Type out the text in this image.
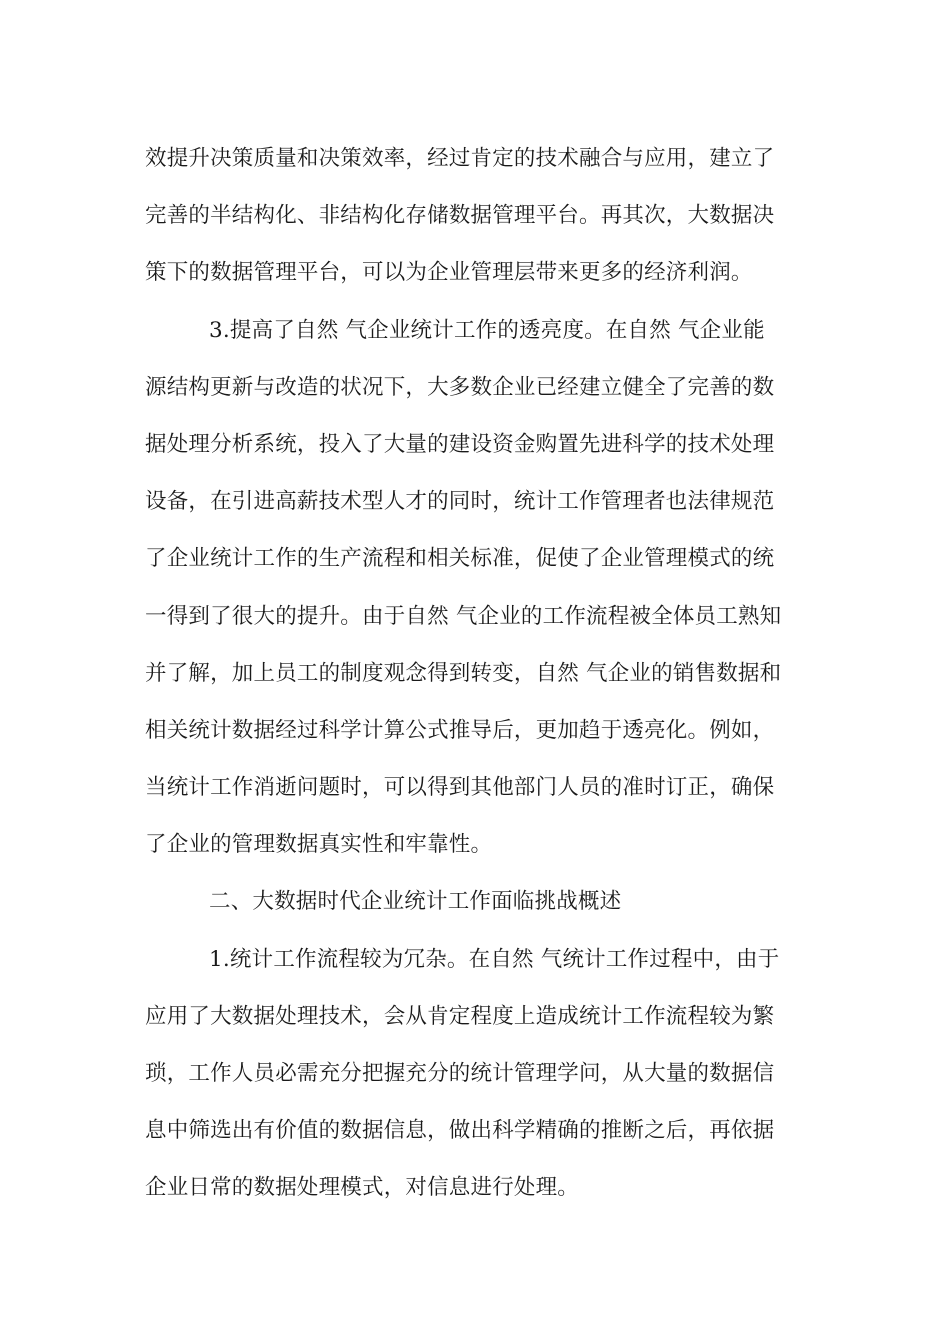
效提升决策质量和决策效率，经过肯定的技术融合与应用，建立了
完善的半结构化、非结构化存储数据管理平台。再其次，大数据决
策下的数据管理平台，可以为企业管理层带来更多的经济利润。
3.提高了自然 气企业统计工作的透亮度。在自然 气企业能
源结构更新与改造的状况下，大多数企业已经建立健全了完善的数
据处理分析系统，投入了大量的建设资金购置先进科学的技术处理
设备，在引进高薪技术型人才的同时，统计工作管理者也法律规范
了企业统计工作的生产流程和相关标准，促使了企业管理模式的统
一得到了很大的提升。由于自然 气企业的工作流程被全体员工熟知
并了解，加上员工的制度观念得到转变，自然 气企业的销售数据和
相关统计数据经过科学计算公式推导后，更加趋于透亮化。例如，
当统计工作消逝问题时，可以得到其他部门人员的准时订正，确保
了企业的管理数据真实性和牢靠性。
二、大数据时代企业统计工作面临挑战概述
1.统计工作流程较为冗杂。在自然 气统计工作过程中，由于
应用了大数据处理技术，会从肯定程度上造成统计工作流程较为繁
琐，工作人员必需充分把握充分的统计管理学问，从大量的数据信
息中筛选出有价值的数据信息，做出科学精确的推断之后，再依据
企业日常的数据处理模式，对信息进行处理。
